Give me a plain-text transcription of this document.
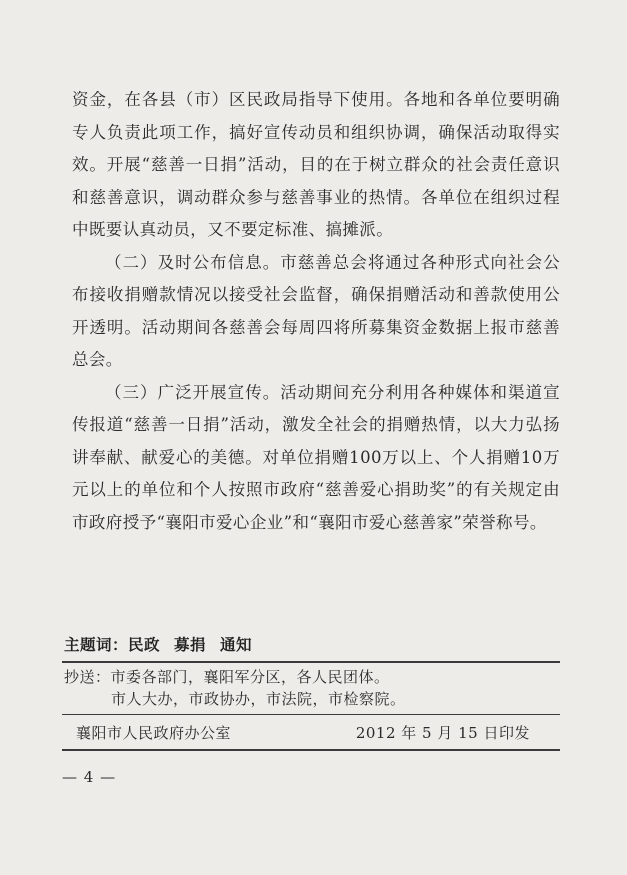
资金，在各县（市）区民政局指导下使用。各地和各单位要明确专人负责此项工作，搞好宣传动员和组织协调，确保活动取得实效。开展“慈善一日捐”活动，目的在于树立群众的社会责任意识和慈善意识，调动群众参与慈善事业的热情。各单位在组织过程中既要认真动员，又不要定标准、搞摊派。

（二）及时公布信息。市慈善总会将通过各种形式向社会公布接收捐赠款情况以接受社会监督，确保捐赠活动和善款使用公开透明。活动期间各慈善会每周四将所募集资金数据上报市慈善总会。

（三）广泛开展宣传。活动期间充分利用各种媒体和渠道宣传报道“慈善一日捐”活动，激发全社会的捐赠热情，以大力弘扬讲奉献、献爱心的美德。对单位捐赠100万以上、个人捐赠10万元以上的单位和个人按照市政府“慈善爱心捐助奖”的有关规定由市政府授予“襄阳市爱心企业”和“襄阳市爱心慈善家”荣誉称号。

主题词：民政 募捐 通知
抄送：市委各部门，襄阳军分区，各人民团体。
市人大办，市政协办，市法院，市检察院。
襄阳市人民政府办公室	2012 年 5 月 15 日印发
— 4 —
